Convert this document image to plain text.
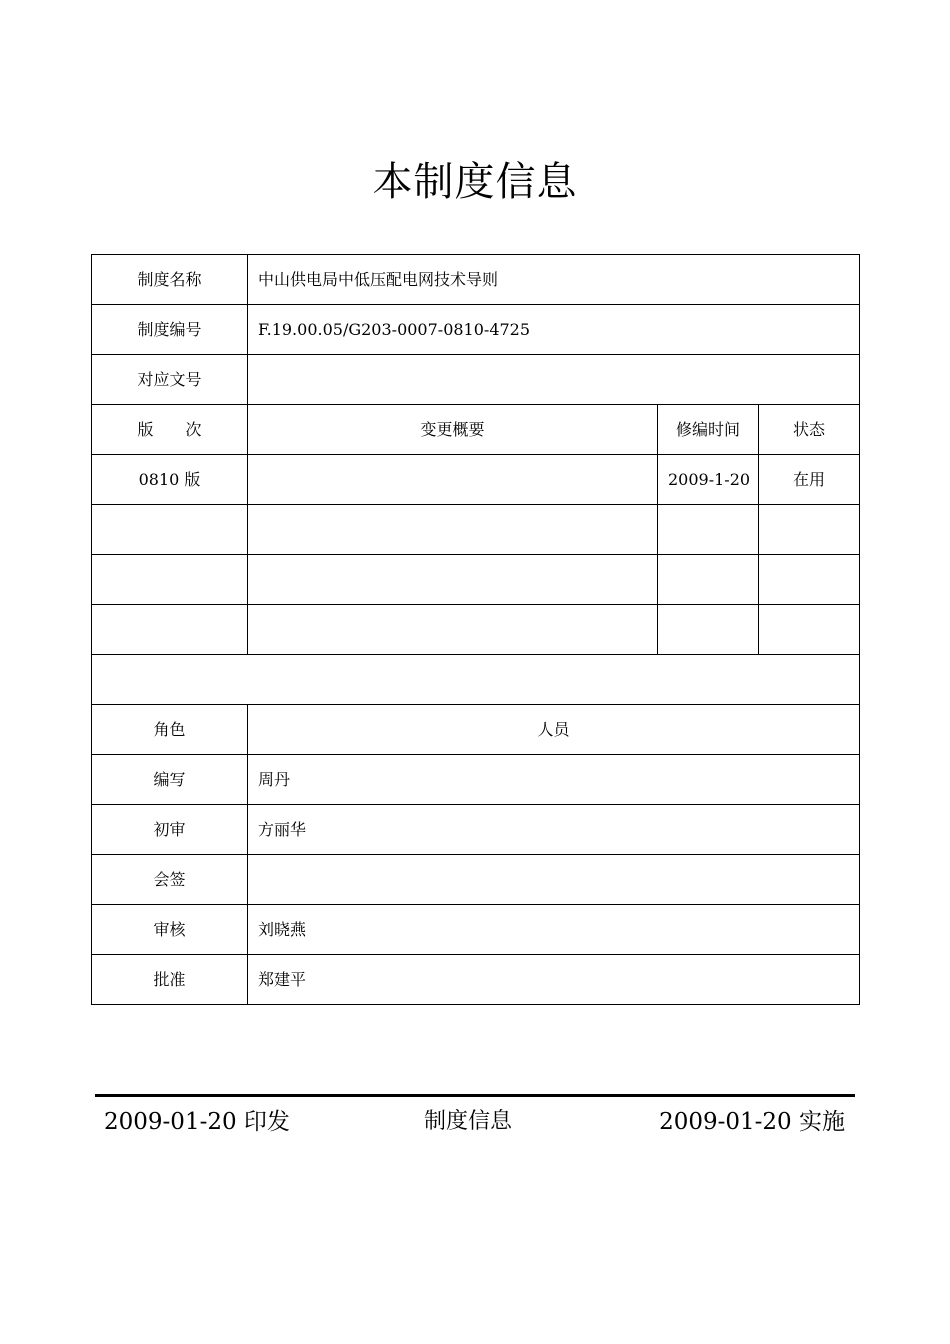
本制度信息
制度名称	中山供电局中低压配电网技术导则		
制度编号	F.19.00.05/G203-0007-0810-4725		
对应文号			
版　　次	变更概要	修编时间	状态
0810 版		2009-1-20	在用

角色	人员		
编写	周丹		
初审	方丽华		
会签			
审核	刘晓燕		
批准	郑建平		
2009-01-20 印发	制度信息	2009-01-20 实施
